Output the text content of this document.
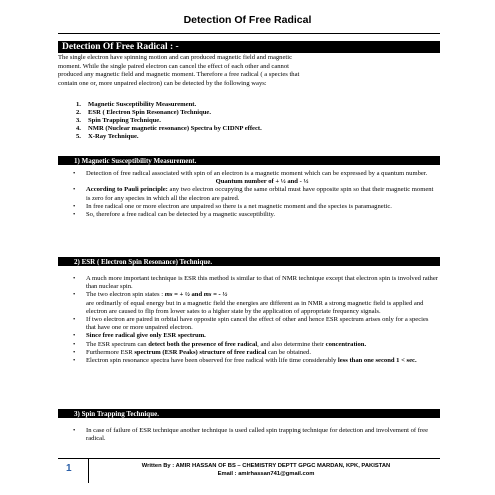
Detection Of Free Radical
Detection Of Free Radical : -
The single electron have spinning motion and can produced magnetic field and magnetic
moment. While the single paired electron can cancel the effect of each other and cannot
produced any magnetic field and magnetic moment. Therefore a free radical ( a species that
contain one or, more unpaired electron) can be detected by the following ways:
1.	Magnetic Susceptibility Measurement.
2.	ESR ( Electron Spin Resonance) Technique.
3.	Spin Trapping Technique.
4.	NMR (Nuclear magnetic resonance) Spectra by CIDNP effect.
5.	X-Ray Technique.
1) Magnetic Susceptibility Measurement.
• Detection of free radical associated with spin of an electron is a magnetic moment which can be expressed by a quantum number.
Quantum number of + ½ and - ½
• According to Pauli principle: any two electron occupying the same orbital must have opposite spin so that their magnetic moment is zero for any species in which all the electron are paired.
• In free radical one or more electron are unpaired so there is a net magnetic moment and the species is paramagnetic.
• So, therefore a free radical can be detected by a magnetic susceptibility.
2) ESR ( Electron Spin Resonance) Technique.
• A much more important technique is ESR this method is similar to that of NMR technique except that electron spin is involved rather than nuclear spin.
• The two electron spin states : ms = + ½ and ms = - ½
are ordinarily of equal energy but in a magnetic field the energies are different as in NMR a strong magnetic field is applied and electron are caused to flip from lower sates to a higher state by the application of appropriate frequency signals.
• If two electron are paired in orbital have opposite spin cancel the effect of other and hence ESR spectrum arises only for a species that have one or more unpaired electron.
• Since free radical give only ESR spectrum.
• The ESR spectrum can detect both the presence of free radical, and also determine their concentration.
• Furthermore ESR spectrum (ESR Peaks) structure of free radical can be obtained.
• Electron spin resonance spectra have been observed for free radical with life time considerably less than one second 1 < sec.
3) Spin Trapping Technique.
• In case of failure of ESR technique another technique is used called spin trapping technique for detection and involvement of free radical.
1	Written By : AMIR HASSAN OF BS – CHEMISTRY DEPTT GPGC MARDAN, KPK, PAKISTAN
Email : amirhassan741@gmail.com
